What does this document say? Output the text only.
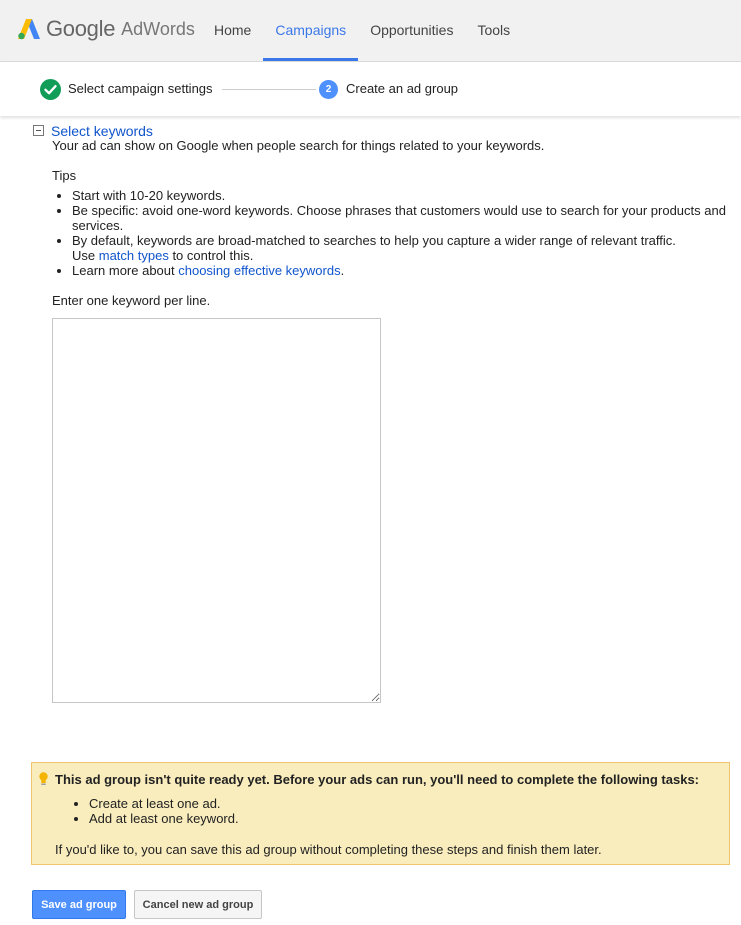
Google AdWords	Home	Campaigns	Opportunities	Tools
Select campaign settings	2	Create an ad group
Select keywords
Your ad can show on Google when people search for things related to your keywords.
Tips
• Start with 10-20 keywords.
• Be specific: avoid one-word keywords. Choose phrases that customers would use to search for your products and services.
• By default, keywords are broad-matched to searches to help you capture a wider range of relevant traffic.
Use match types to control this.
• Learn more about choosing effective keywords.
Enter one keyword per line.
This ad group isn't quite ready yet. Before your ads can run, you'll need to complete the following tasks:
• Create at least one ad.
• Add at least one keyword.
If you'd like to, you can save this ad group without completing these steps and finish them later.
Save ad group	Cancel new ad group
